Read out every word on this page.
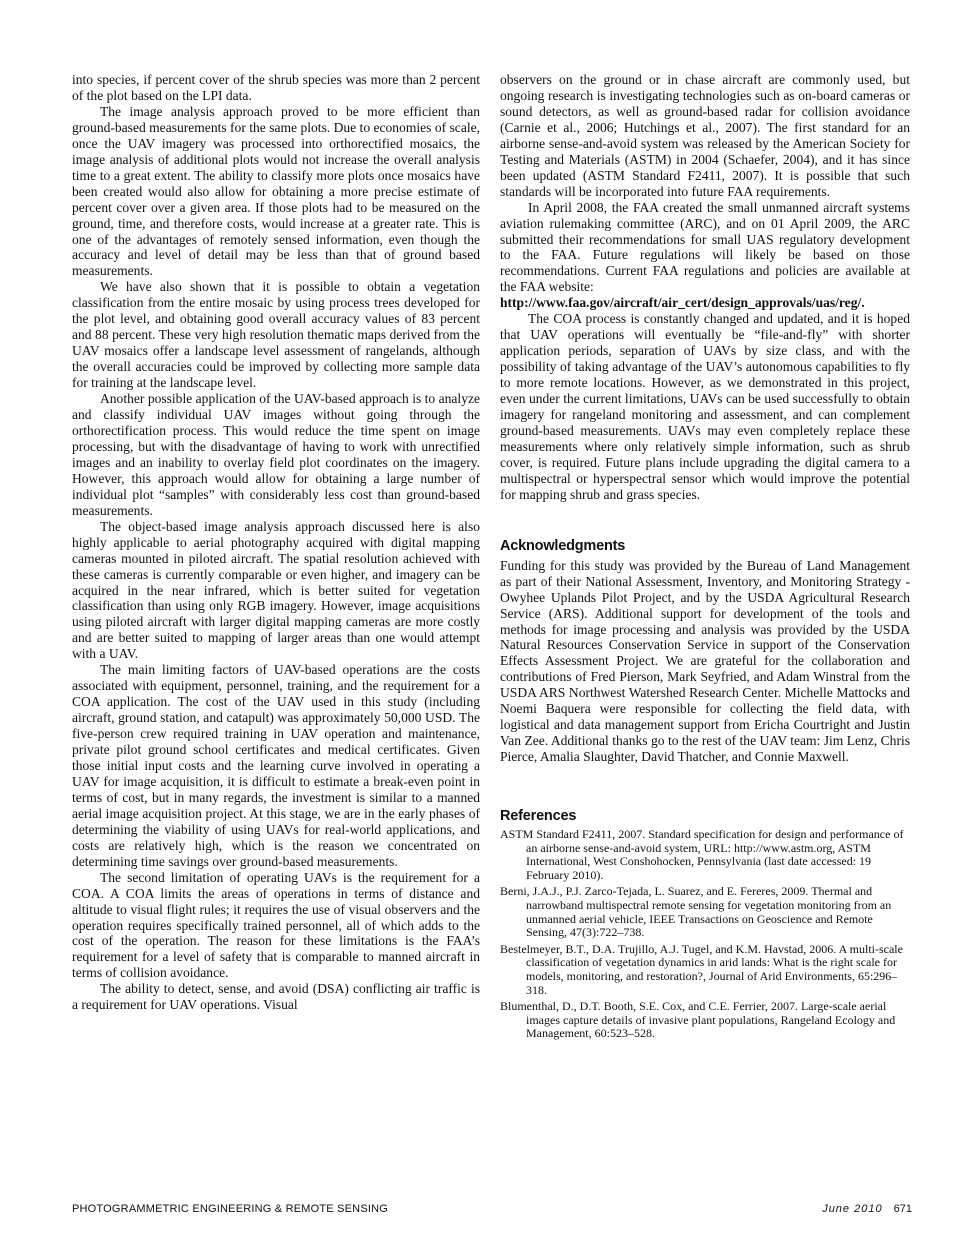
into species, if percent cover of the shrub species was more than 2 percent of the plot based on the LPI data.

The image analysis approach proved to be more efficient than ground-based measurements for the same plots. Due to economies of scale, once the UAV imagery was processed into orthorectified mosaics, the image analysis of additional plots would not increase the overall analysis time to a great extent. The ability to classify more plots once mosaics have been created would also allow for obtaining a more precise estimate of percent cover over a given area. If those plots had to be measured on the ground, time, and therefore costs, would increase at a greater rate. This is one of the advantages of remotely sensed information, even though the accuracy and level of detail may be less than that of ground based measurements.

We have also shown that it is possible to obtain a vegetation classification from the entire mosaic by using process trees developed for the plot level, and obtaining good overall accuracy values of 83 percent and 88 percent. These very high resolution thematic maps derived from the UAV mosaics offer a landscape level assessment of rangelands, although the overall accuracies could be improved by collecting more sample data for training at the landscape level.

Another possible application of the UAV-based approach is to analyze and classify individual UAV images without going through the orthorectification process. This would reduce the time spent on image processing, but with the disadvantage of having to work with unrectified images and an inability to overlay field plot coordinates on the imagery. However, this approach would allow for obtaining a large number of individual plot “samples” with considerably less cost than ground-based measurements.

The object-based image analysis approach discussed here is also highly applicable to aerial photography acquired with digital mapping cameras mounted in piloted aircraft. The spatial resolution achieved with these cameras is currently comparable or even higher, and imagery can be acquired in the near infrared, which is better suited for vegetation classification than using only RGB imagery. However, image acquisitions using piloted aircraft with larger digital mapping cameras are more costly and are better suited to mapping of larger areas than one would attempt with a UAV.

The main limiting factors of UAV-based operations are the costs associated with equipment, personnel, training, and the requirement for a COA application. The cost of the UAV used in this study (including aircraft, ground station, and catapult) was approximately 50,000 USD. The five-person crew required training in UAV operation and maintenance, private pilot ground school certificates and medical certificates. Given those initial input costs and the learning curve involved in operating a UAV for image acquisition, it is difficult to estimate a break-even point in terms of cost, but in many regards, the investment is similar to a manned aerial image acquisition project. At this stage, we are in the early phases of determining the viability of using UAVs for real-world applications, and costs are relatively high, which is the reason we concentrated on determining time savings over ground-based measurements.

The second limitation of operating UAVs is the requirement for a COA. A COA limits the areas of operations in terms of distance and altitude to visual flight rules; it requires the use of visual observers and the operation requires specifically trained personnel, all of which adds to the cost of the operation. The reason for these limitations is the FAA’s requirement for a level of safety that is comparable to manned aircraft in terms of collision avoidance.

The ability to detect, sense, and avoid (DSA) conflicting air traffic is a requirement for UAV operations. Visual

observers on the ground or in chase aircraft are commonly used, but ongoing research is investigating technologies such as on-board cameras or sound detectors, as well as ground-based radar for collision avoidance (Carnie et al., 2006; Hutchings et al., 2007). The first standard for an airborne sense-and-avoid system was released by the American Society for Testing and Materials (ASTM) in 2004 (Schaefer, 2004), and it has since been updated (ASTM Standard F2411, 2007). It is possible that such standards will be incorporated into future FAA requirements.

In April 2008, the FAA created the small unmanned aircraft systems aviation rulemaking committee (ARC), and on 01 April 2009, the ARC submitted their recommendations for small UAS regulatory development to the FAA. Future regulations will likely be based on those recommendations. Current FAA regulations and policies are available at the FAA website:

http://www.faa.gov/aircraft/air_cert/design_approvals/uas/reg/.

The COA process is constantly changed and updated, and it is hoped that UAV operations will eventually be “file-and-fly” with shorter application periods, separation of UAVs by size class, and with the possibility of taking advantage of the UAV’s autonomous capabilities to fly to more remote locations. However, as we demonstrated in this project, even under the current limitations, UAVs can be used successfully to obtain imagery for rangeland monitoring and assessment, and can complement ground-based measurements. UAVs may even completely replace these measurements where only relatively simple information, such as shrub cover, is required. Future plans include upgrading the digital camera to a multispectral or hyperspectral sensor which would improve the potential for mapping shrub and grass species.

Acknowledgments

Funding for this study was provided by the Bureau of Land Management as part of their National Assessment, Inventory, and Monitoring Strategy - Owyhee Uplands Pilot Project, and by the USDA Agricultural Research Service (ARS). Additional support for development of the tools and methods for image processing and analysis was provided by the USDA Natural Resources Conservation Service in support of the Conservation Effects Assessment Project. We are grateful for the collaboration and contributions of Fred Pierson, Mark Seyfried, and Adam Winstral from the USDA ARS Northwest Watershed Research Center. Michelle Mattocks and Noemi Baquera were responsible for collecting the field data, with logistical and data management support from Ericha Courtright and Justin Van Zee. Additional thanks go to the rest of the UAV team: Jim Lenz, Chris Pierce, Amalia Slaughter, David Thatcher, and Connie Maxwell.

References

ASTM Standard F2411, 2007. Standard specification for design and performance of an airborne sense-and-avoid system, URL: http://www.astm.org, ASTM International, West Conshohocken, Pennsylvania (last date accessed: 19 February 2010).

Berni, J.A.J., P.J. Zarco-Tejada, L. Suarez, and E. Fereres, 2009. Thermal and narrowband multispectral remote sensing for vegetation monitoring from an unmanned aerial vehicle, IEEE Transactions on Geoscience and Remote Sensing, 47(3):722–738.

Bestelmeyer, B.T., D.A. Trujillo, A.J. Tugel, and K.M. Havstad, 2006. A multi-scale classification of vegetation dynamics in arid lands: What is the right scale for models, monitoring, and restoration?, Journal of Arid Environments, 65:296–318.

Blumenthal, D., D.T. Booth, S.E. Cox, and C.E. Ferrier, 2007. Large-scale aerial images capture details of invasive plant populations, Rangeland Ecology and Management, 60:523–528.

PHOTOGRAMMETRIC ENGINEERING & REMOTE SENSING	June 2010 671
